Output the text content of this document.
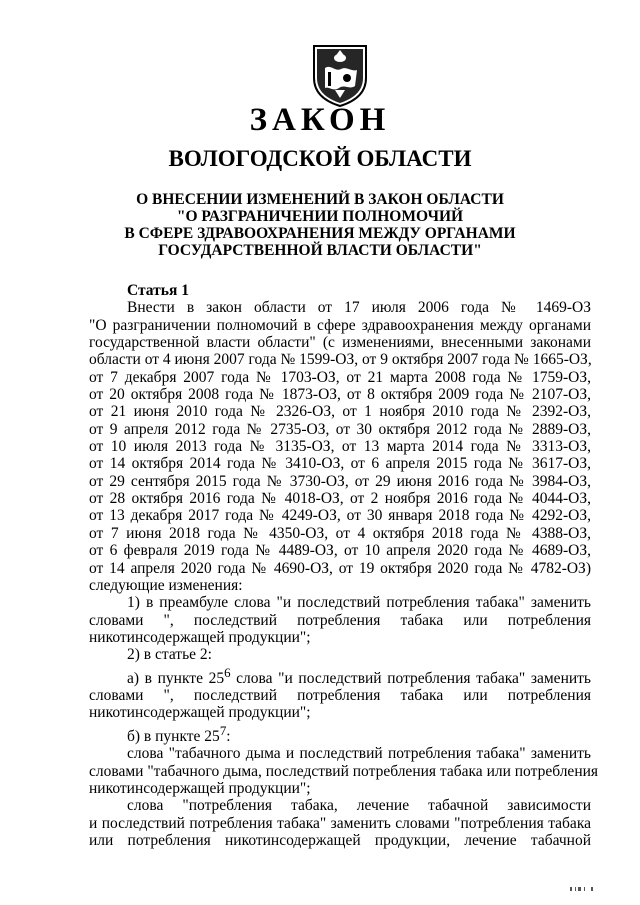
ЗАКОН
ВОЛОГОДСКОЙ ОБЛАСТИ
О ВНЕСЕНИИ ИЗМЕНЕНИЙ В ЗАКОН ОБЛАСТИ
"О РАЗГРАНИЧЕНИИ ПОЛНОМОЧИЙ
В СФЕРЕ ЗДРАВООХРАНЕНИЯ МЕЖДУ ОРГАНАМИ
ГОСУДАРСТВЕННОЙ ВЛАСТИ ОБЛАСТИ"
Статья 1
Внести в закон области от 17 июля 2006 года № 1469-ОЗ
"О разграничении полномочий в сфере здравоохранения между органами
государственной власти области" (с изменениями, внесенными законами
области от 4 июня 2007 года № 1599-ОЗ, от 9 октября 2007 года № 1665-ОЗ,
от 7 декабря 2007 года № 1703-ОЗ, от 21 марта 2008 года № 1759-ОЗ,
от 20 октября 2008 года № 1873-ОЗ, от 8 октября 2009 года № 2107-ОЗ,
от 21 июня 2010 года № 2326-ОЗ, от 1 ноября 2010 года № 2392-ОЗ,
от 9 апреля 2012 года № 2735-ОЗ, от 30 октября 2012 года № 2889-ОЗ,
от 10 июля 2013 года № 3135-ОЗ, от 13 марта 2014 года № 3313-ОЗ,
от 14 октября 2014 года № 3410-ОЗ, от 6 апреля 2015 года № 3617-ОЗ,
от 29 сентября 2015 года № 3730-ОЗ, от 29 июня 2016 года № 3984-ОЗ,
от 28 октября 2016 года № 4018-ОЗ, от 2 ноября 2016 года № 4044-ОЗ,
от 13 декабря 2017 года № 4249-ОЗ, от 30 января 2018 года № 4292-ОЗ,
от 7 июня 2018 года № 4350-ОЗ, от 4 октября 2018 года № 4388-ОЗ,
от 6 февраля 2019 года № 4489-ОЗ, от 10 апреля 2020 года № 4689-ОЗ,
от 14 апреля 2020 года № 4690-ОЗ, от 19 октября 2020 года № 4782-ОЗ)
следующие изменения:
1) в преамбуле слова "и последствий потребления табака" заменить
словами ", последствий потребления табака или потребления
никотинсодержащей продукции";
2) в статье 2:
а) в пункте $25^6$ слова "и последствий потребления табака" заменить
словами ", последствий потребления табака или потребления
никотинсодержащей продукции";
б) в пункте $25^7$:
слова "табачного дыма и последствий потребления табака" заменить
словами "табачного дыма, последствий потребления табака или потребления
никотинсодержащей продукции";
слова "потребления табака, лечение табачной зависимости
и последствий потребления табака" заменить словами "потребления табака
или потребления никотинсодержащей продукции, лечение табачной
